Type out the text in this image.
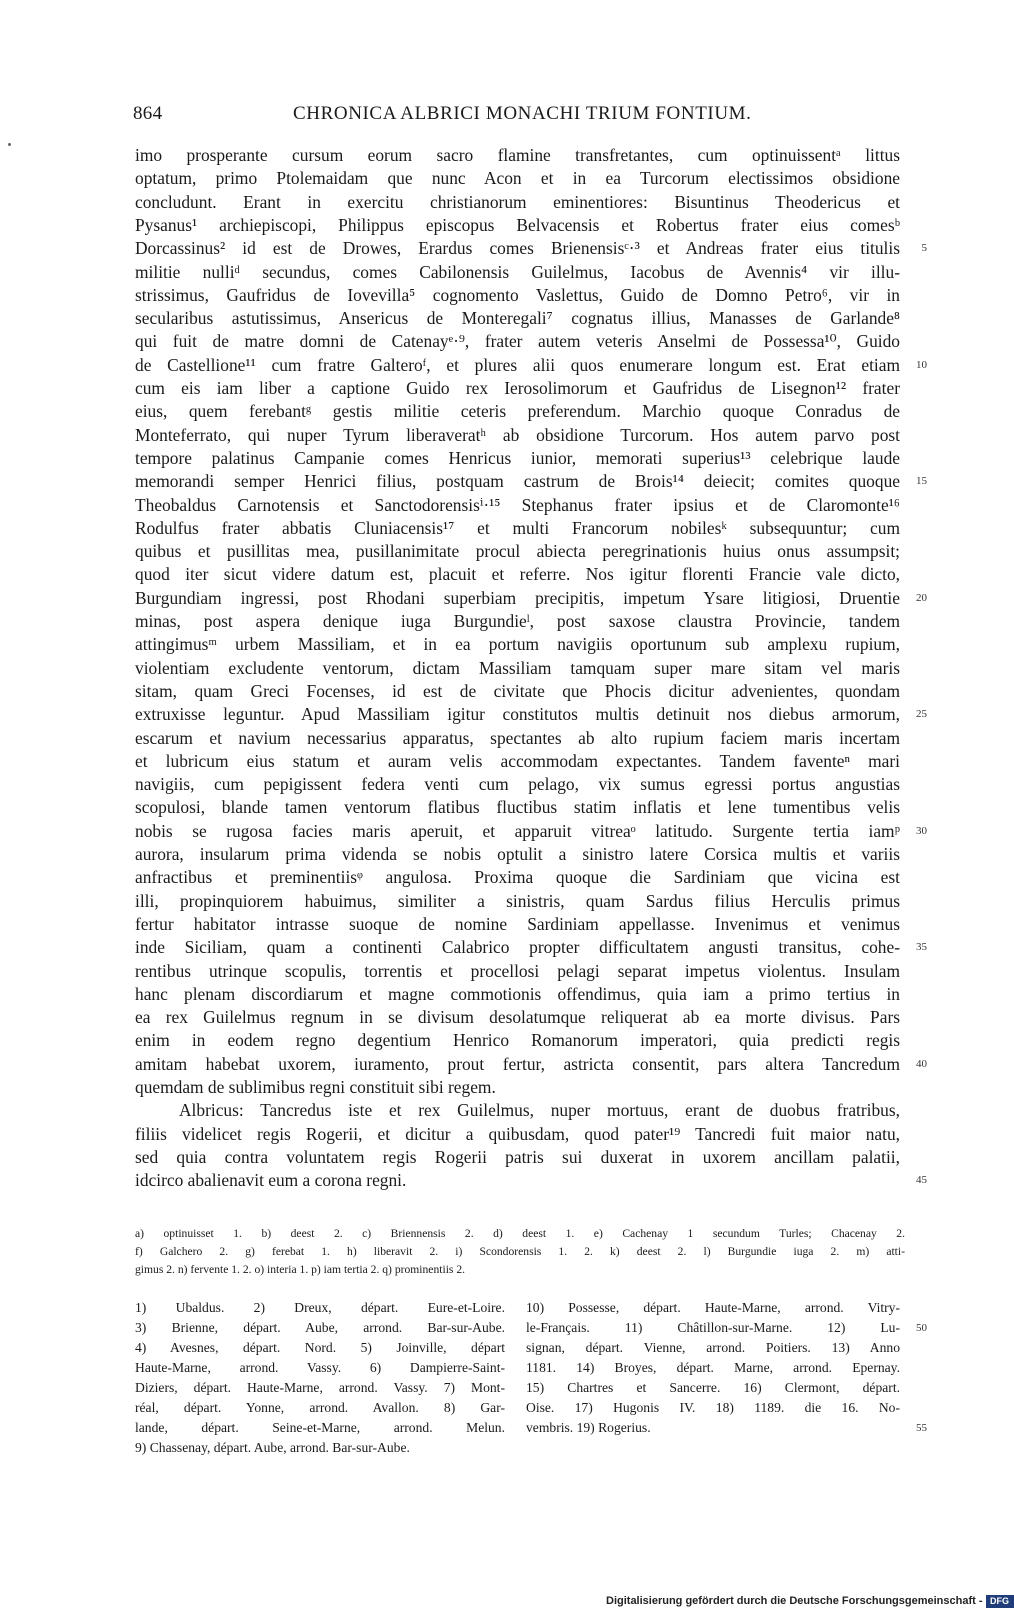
864	CHRONICA ALBRICI MONACHI TRIUM FONTIUM.
imo prosperante cursum eorum sacro flamine transfretantes, cum optinuissentᵃ littus
optatum, primo Ptolemaidam que nunc Acon et in ea Turcorum electissimos obsidione
concludunt. Erant in exercitu christianorum eminentiores: Bisuntinus Theodericus et
Pysanus¹ archiepiscopi, Philippus episcopus Belvacensis et Robertus frater eius comesᵇ
Dorcassinus² id est de Drowes, Erardus comes Brienensisᶜ·³ et Andreas frater eius titulis
militie nulliᵈ secundus, comes Cabilonensis Guilelmus, Iacobus de Avennis⁴ vir illu-
strissimus, Gaufridus de Iovevilla⁵ cognomento Vaslettus, Guido de Domno Petro⁶, vir in
secularibus astutissimus, Ansericus de Monteregali⁷ cognatus illius, Manasses de Garlande⁸
qui fuit de matre domni de Catenayᵉ·⁹, frater autem veteris Anselmi de Possessa¹⁰, Guido
de Castellione¹¹ cum fratre Galteroᶠ, et plures alii quos enumerare longum est. Erat etiam
cum eis iam liber a captione Guido rex Ierosolimorum et Gaufridus de Lisegnon¹² frater
eius, quem ferebantᵍ gestis militie ceteris preferendum. Marchio quoque Conradus de
Monteferrato, qui nuper Tyrum liberaveratʰ ab obsidione Turcorum. Hos autem parvo post
tempore palatinus Campanie comes Henricus iunior, memorati superius¹³ celebrique laude
memorandi semper Henrici filius, postquam castrum de Brois¹⁴ deiecit; comites quoque
Theobaldus Carnotensis et Sanctodorensisⁱ·¹⁵ Stephanus frater ipsius et de Claromonte¹⁶
Rodulfus frater abbatis Cluniacensis¹⁷ et multi Francorum nobilesᵏ subsequuntur; cum
quibus et pusillitas mea, pusillanimitate procul abiecta peregrinationis huius onus assumpsit;
quod iter sicut videre datum est, placuit et referre. Nos igitur florenti Francie vale dicto,
Burgundiam ingressi, post Rhodani superbiam precipitis, impetum Ysare litigiosi, Druentie
minas, post aspera denique iuga Burgundieˡ, post saxose claustra Provincie, tandem
attingimusᵐ urbem Massiliam, et in ea portum navigiis oportunum sub amplexu rupium,
violentiam excludente ventorum, dictam Massiliam tamquam super mare sitam vel maris
sitam, quam Greci Focenses, id est de civitate que Phocis dicitur advenientes, quondam
extruxisse leguntur. Apud Massiliam igitur constitutos multis detinuit nos diebus armorum,
escarum et navium necessarius apparatus, spectantes ab alto rupium faciem maris incertam
et lubricum eius statum et auram velis accommodam expectantes. Tandem faventeⁿ mari
navigiis, cum pepigissent federa venti cum pelago, vix sumus egressi portus angustias
scopulosi, blande tamen ventorum flatibus fluctibus statim inflatis et lene tumentibus velis
nobis se rugosa facies maris aperuit, et apparuit vitreaᵒ latitudo. Surgente tertia iamᵖ
aurora, insularum prima videnda se nobis optulit a sinistro latere Corsica multis et variis
anfractibus et preminentiisᵠ angulosa. Proxima quoque die Sardiniam que vicina est
illi, propinquiorem habuimus, similiter a sinistris, quam Sardus filius Herculis primus
fertur habitator intrasse suoque de nomine Sardiniam appellasse. Invenimus et venimus
inde Siciliam, quam a continenti Calabrico propter difficultatem angusti transitus, cohe-
rentibus utrinque scopulis, torrentis et procellosi pelagi separat impetus violentus. Insulam
hanc plenam discordiarum et magne commotionis offendimus, quia iam a primo tertius in
ea rex Guilelmus regnum in se divisum desolatumque reliquerat ab ea morte divisus. Pars
enim in eodem regno degentium Henrico Romanorum imperatori, quia predicti regis
amitam habebat uxorem, iuramento, prout fertur, astricta consentit, pars altera Tancredum
quemdam de sublimibus regni constituit sibi regem.
Albricus: Tancredus iste et rex Guilelmus, nuper mortuus, erant de duobus fratribus,
filiis videlicet regis Rogerii, et dicitur a quibusdam, quod pater¹⁹ Tancredi fuit maior natu,
sed quia contra voluntatem regis Rogerii patris sui duxerat in uxorem ancillam palatii,
idcirco abalienavit eum a corona regni.
a) optinuisset 1. b) deest 2. c) Briennensis 2. d) deest 1. e) Cachenay 1 secundum Turles; Chacenay 2.
f) Galchero 2. g) ferebat 1. h) liberavit 2. i) Scondorensis 1. 2. k) deest 2. l) Burgundie iuga 2. m) atti-
gimus 2. n) fervente 1. 2. o) interia 1. p) iam tertia 2. q) prominentiis 2.
1) Ubaldus. 2) Dreux, départ. Eure-et-Loire.
3) Brienne, départ. Aube, arrond. Bar-sur-Aube.
4) Avesnes, départ. Nord. 5) Joinville, départ
Haute-Marne, arrond. Vassy. 6) Dampierre-Saint-
Diziers, départ. Haute-Marne, arrond. Vassy. 7) Mont-
réal, départ. Yonne, arrond. Avallon. 8) Gar-
lande, départ. Seine-et-Marne, arrond. Melun.
9) Chassenay, départ. Aube, arrond. Bar-sur-Aube.
10) Possesse, départ. Haute-Marne, arrond. Vitry-
le-Français. 11) Châtillon-sur-Marne. 12) Lu-
signan, départ. Vienne, arrond. Poitiers. 13) Anno
1181. 14) Broyes, départ. Marne, arrond. Epernay.
15) Chartres et Sancerre. 16) Clermont, départ.
Oise. 17) Hugonis IV. 18) 1189. die 16. No-
vembris. 19) Rogerius.
50
55
Digitalisierung gefördert durch die Deutsche Forschungsgemeinschaft - DFG
5
10
15
20
25
30
35
40
45
